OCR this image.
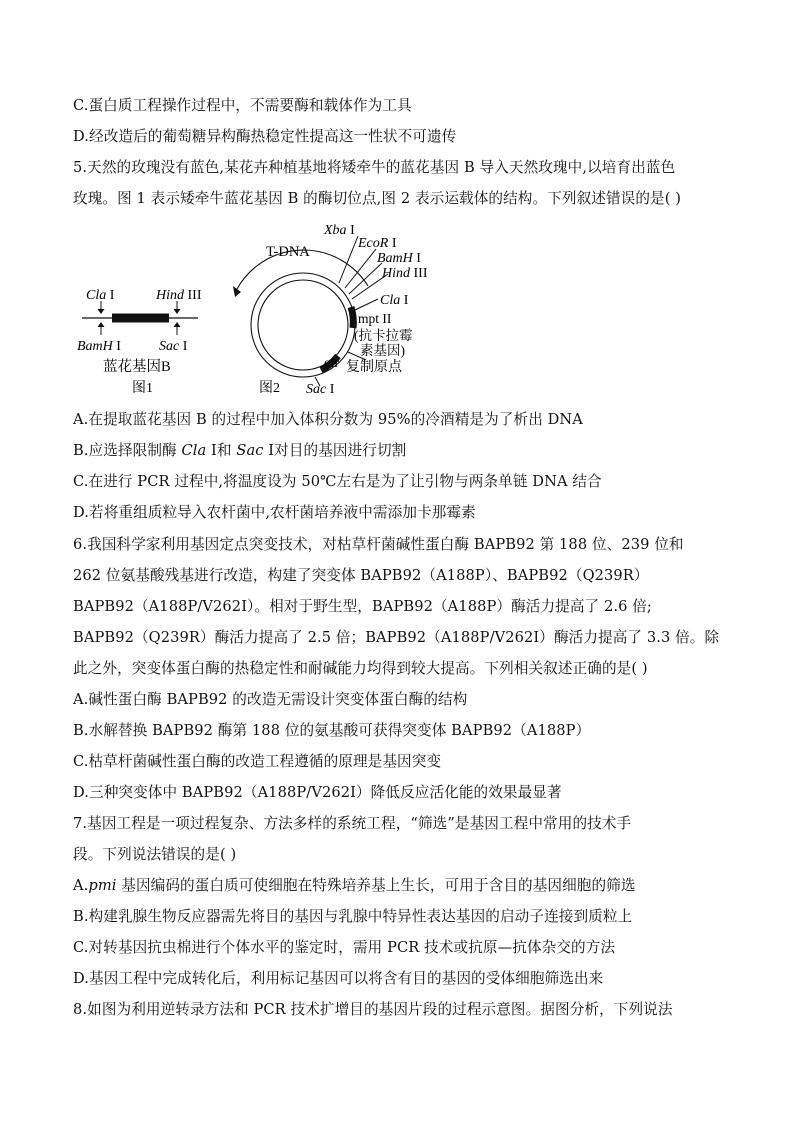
C.蛋白质工程操作过程中，不需要酶和载体作为工具
D.经改造后的葡萄糖异构酶热稳定性提高这一性状不可遗传
5.天然的玫瑰没有蓝色,某花卉种植基地将矮牵牛的蓝花基因 B 导入天然玫瑰中,以培育出蓝色
玫瑰。图 1 表示矮牵牛蓝花基因 B 的酶切位点,图 2 表示运载体的结构。下列叙述错误的是( )
Cla I	Hind III
BamH I	Sac I
蓝花基因B
图1
T-DNA
Xba I
EcoR I
BamH I
Hind III
Cla I
mpt II
(抗卡拉霉
素基因)
oir 复制原点
Sac I
图2
A.在提取蓝花基因 B 的过程中加入体积分数为 95%的冷酒精是为了析出 DNA
B.应选择限制酶 Cla Ⅰ和 Sac Ⅰ对目的基因进行切割
C.在进行 PCR 过程中,将温度设为 50℃左右是为了让引物与两条单链 DNA 结合
D.若将重组质粒导入农杆菌中,农杆菌培养液中需添加卡那霉素
6.我国科学家利用基因定点突变技术，对枯草杆菌碱性蛋白酶 BAPB92 第 188 位、239 位和
262 位氨基酸残基进行改造，构建了突变体 BAPB92（A188P）、BAPB92（Q239R）
BAPB92（A188P/V262I）。相对于野生型，BAPB92（A188P）酶活力提高了 2.6 倍;
BAPB92（Q239R）酶活力提高了 2.5 倍；BAPB92（A188P/V262I）酶活力提高了 3.3 倍。除
此之外，突变体蛋白酶的热稳定性和耐碱能力均得到较大提高。下列相关叙述正确的是( )
A.碱性蛋白酶 BAPB92 的改造无需设计突变体蛋白酶的结构
B.水解替换 BAPB92 酶第 188 位的氨基酸可获得突变体 BAPB92（A188P）
C.枯草杆菌碱性蛋白酶的改造工程遵循的原理是基因突变
D.三种突变体中 BAPB92（A188P/V262I）降低反应活化能的效果最显著
7.基因工程是一项过程复杂、方法多样的系统工程，“筛选”是基因工程中常用的技术手
段。下列说法错误的是( )
A.pmi 基因编码的蛋白质可使细胞在特殊培养基上生长，可用于含目的基因细胞的筛选
B.构建乳腺生物反应器需先将目的基因与乳腺中特异性表达基因的启动子连接到质粒上
C.对转基因抗虫棉进行个体水平的鉴定时，需用 PCR 技术或抗原—抗体杂交的方法
D.基因工程中完成转化后，利用标记基因可以将含有目的基因的受体细胞筛选出来
8.如图为利用逆转录方法和 PCR 技术扩增目的基因片段的过程示意图。据图分析，下列说法
